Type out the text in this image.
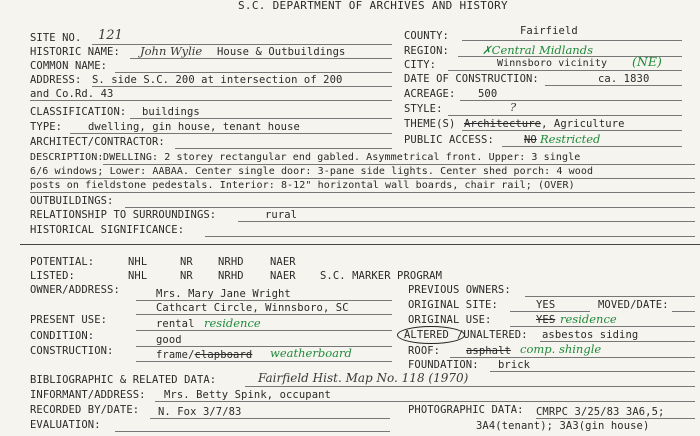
S.C. DEPARTMENT OF ARCHIVES AND HISTORY
SITE NO. 121
HISTORIC NAME: John Wylie House & Outbuildings
COMMON NAME:
ADDRESS: S. side S.C. 200 at intersection of 200
and Co.Rd. 43
CLASSIFICATION: buildings
TYPE: dwelling, gin house, tenant house
ARCHITECT/CONTRACTOR:
COUNTY:	Fairfield
REGION:	✗Central Midlands
CITY:	Winnsboro vicinity (NE)
DATE OF CONSTRUCTION:	ca. 1830
ACREAGE: 500
STYLE:	?
THEME(S) Architecture, Agriculture
PUBLIC ACCESS:	NO Restricted
DESCRIPTION: DWELLING: 2 storey rectangular end gabled. Asymmetrical front. Upper: 3 single
6/6 windows; Lower: AABAA. Center single door: 3-pane side lights. Center shed porch: 4 wood
posts on fieldstone pedestals. Interior: 8-12" horizontal wall boards, chair rail; (OVER)
OUTBUILDINGS:
RELATIONSHIP TO SURROUNDINGS:	rural
HISTORICAL SIGNIFICANCE:
POTENTIAL:	NHL	NR NRHD	NAER
LISTED:	NHL	NR NRHD	NAER S.C. MARKER PROGRAM
OWNER/ADDRESS:	Mrs. Mary Jane Wright
Cathcart Circle, Winnsboro, SC
PRESENT USE:	rental residence
CONDITION:	good
CONSTRUCTION:	frame/clapboard weatherboard
PREVIOUS OWNERS:
ORIGINAL SITE:	YES	MOVED/DATE:
ORIGINAL USE:	YES residence
ALTERED /UNALTERED: asbestos siding
ROOF: asphalt comp. shingle
FOUNDATION: brick
BIBLIOGRAPHIC & RELATED DATA:	Fairfield Hist. Map No. 118 (1970)
INFORMANT/ADDRESS: Mrs. Betty Spink, occupant
RECORDED BY/DATE: N. Fox 3/7/83
EVALUATION:
PHOTOGRAPHIC DATA: CMRPC 3/25/83 3A6,5;
3A4(tenant); 3A3(gin house)
